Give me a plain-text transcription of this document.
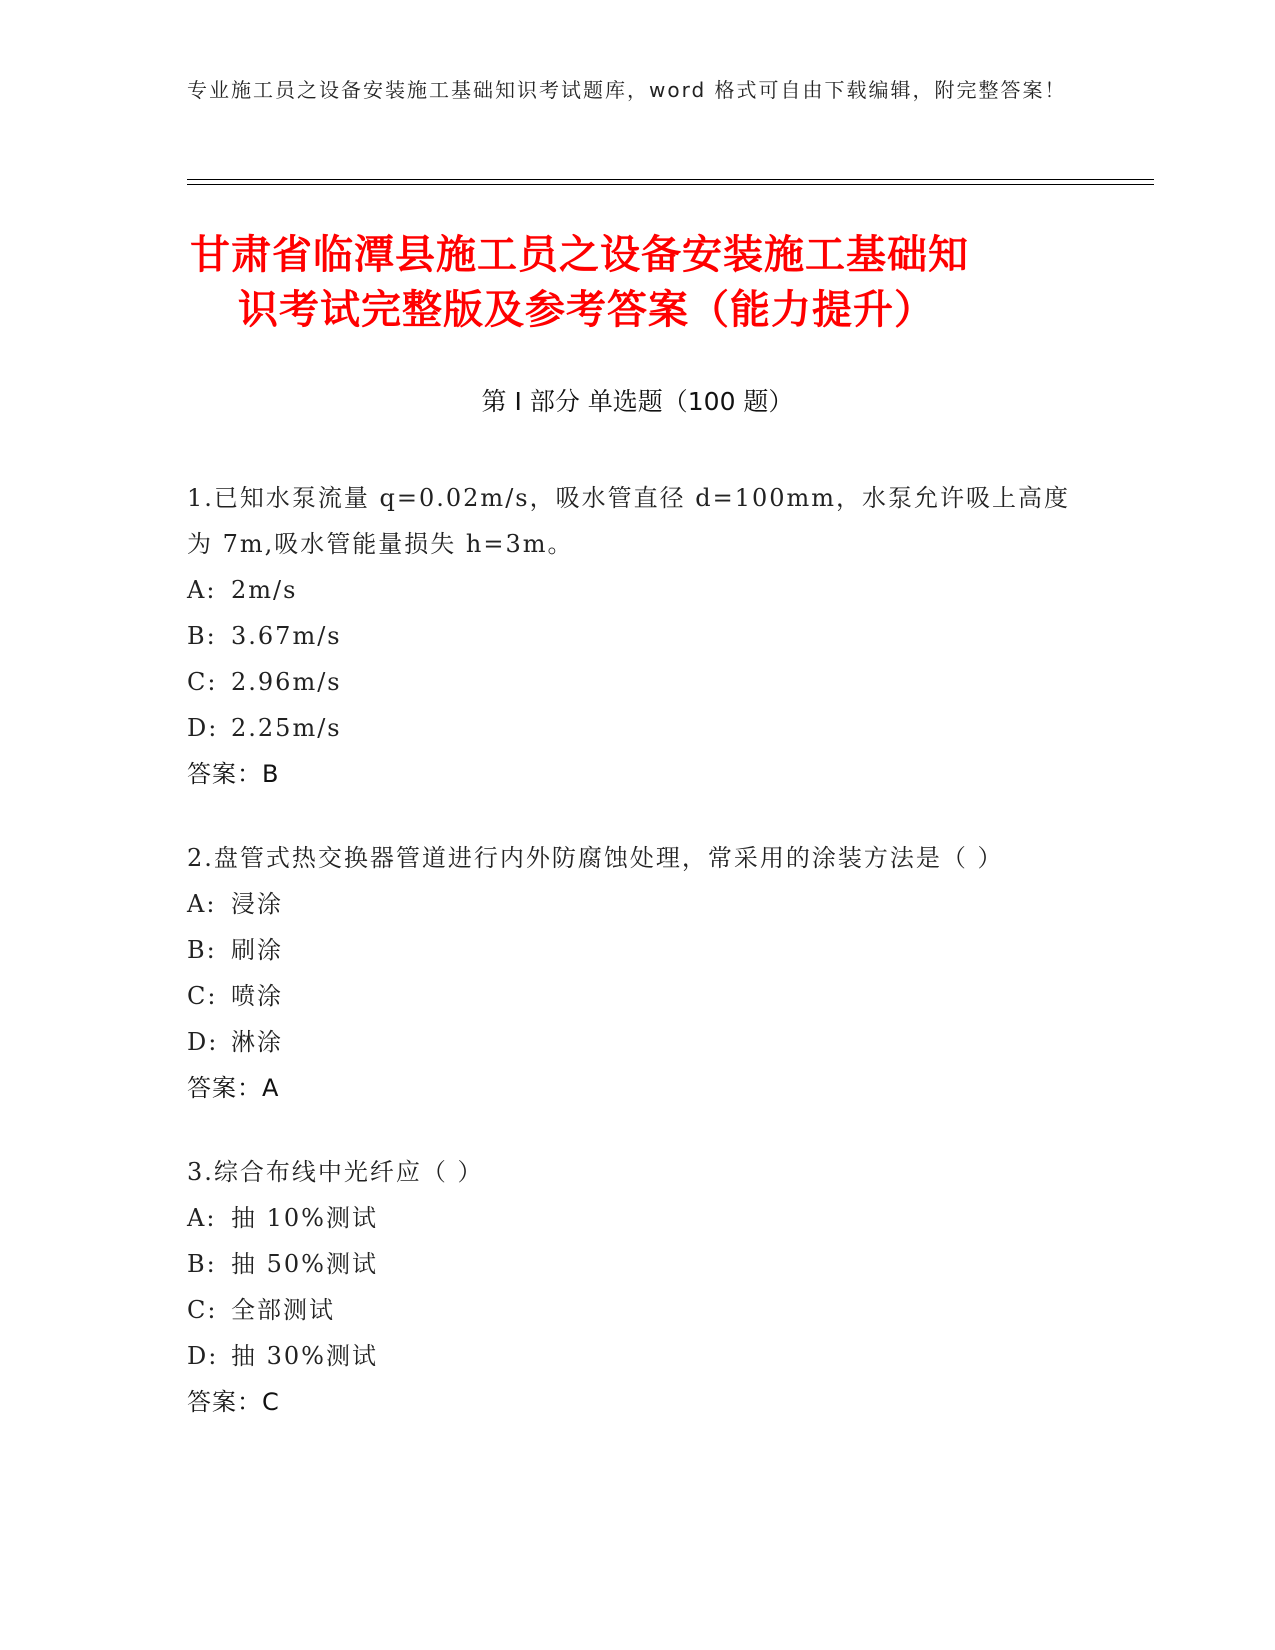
专业施工员之设备安装施工基础知识考试题库，word 格式可自由下载编辑，附完整答案！
甘肃省临潭县施工员之设备安装施工基础知
识考试完整版及参考答案（能力提升）
第 I 部分 单选题（100 题）
1.已知水泵流量 q=0.02m/s，吸水管直径 d=100mm，水泵允许吸上高度为 7m,吸水管能量损失 h=3m。
A: 2m/s
B: 3.67m/s
C: 2.96m/s
D: 2.25m/s
答案：B
2.盘管式热交换器管道进行内外防腐蚀处理，常采用的涂装方法是（ ）
A: 浸涂
B: 刷涂
C: 喷涂
D: 淋涂
答案：A
3.综合布线中光纤应（ ）
A: 抽 10%测试
B: 抽 50%测试
C: 全部测试
D: 抽 30%测试
答案：C
